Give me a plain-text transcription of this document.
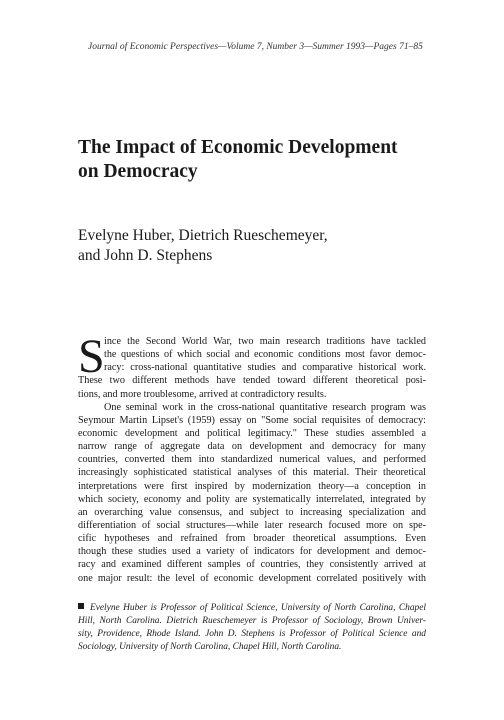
Journal of Economic Perspectives—Volume 7, Number 3—Summer 1993—Pages 71–85
The Impact of Economic Development
on Democracy
Evelyne Huber, Dietrich Rueschemeyer,
and John D. Stephens
S ince the Second World War, two main research traditions have tackled
the questions of which social and economic conditions most favor democ-
racy: cross-national quantitative studies and comparative historical work.
These two different methods have tended toward different theoretical posi-
tions, and more troublesome, arrived at contradictory results.

One seminal work in the cross-national quantitative research program was
Seymour Martin Lipset's (1959) essay on "Some social requisites of democracy:
economic development and political legitimacy." These studies assembled a
narrow range of aggregate data on development and democracy for many
countries, converted them into standardized numerical values, and performed
increasingly sophisticated statistical analyses of this material. Their theoretical
interpretations were first inspired by modernization theory—a conception in
which society, economy and polity are systematically interrelated, integrated by
an overarching value consensus, and subject to increasing specialization and
differentiation of social structures—while later research focused more on spe-
cific hypotheses and refrained from broader theoretical assumptions. Even
though these studies used a variety of indicators for development and democ-
racy and examined different samples of countries, they consistently arrived at
one major result: the level of economic development correlated positively with

Evelyne Huber is Professor of Political Science, University of North Carolina, Chapel
Hill, North Carolina. Dietrich Rueschemeyer is Professor of Sociology, Brown Univer-
sity, Providence, Rhode Island. John D. Stephens is Professor of Political Science and
Sociology, University of North Carolina, Chapel Hill, North Carolina.
